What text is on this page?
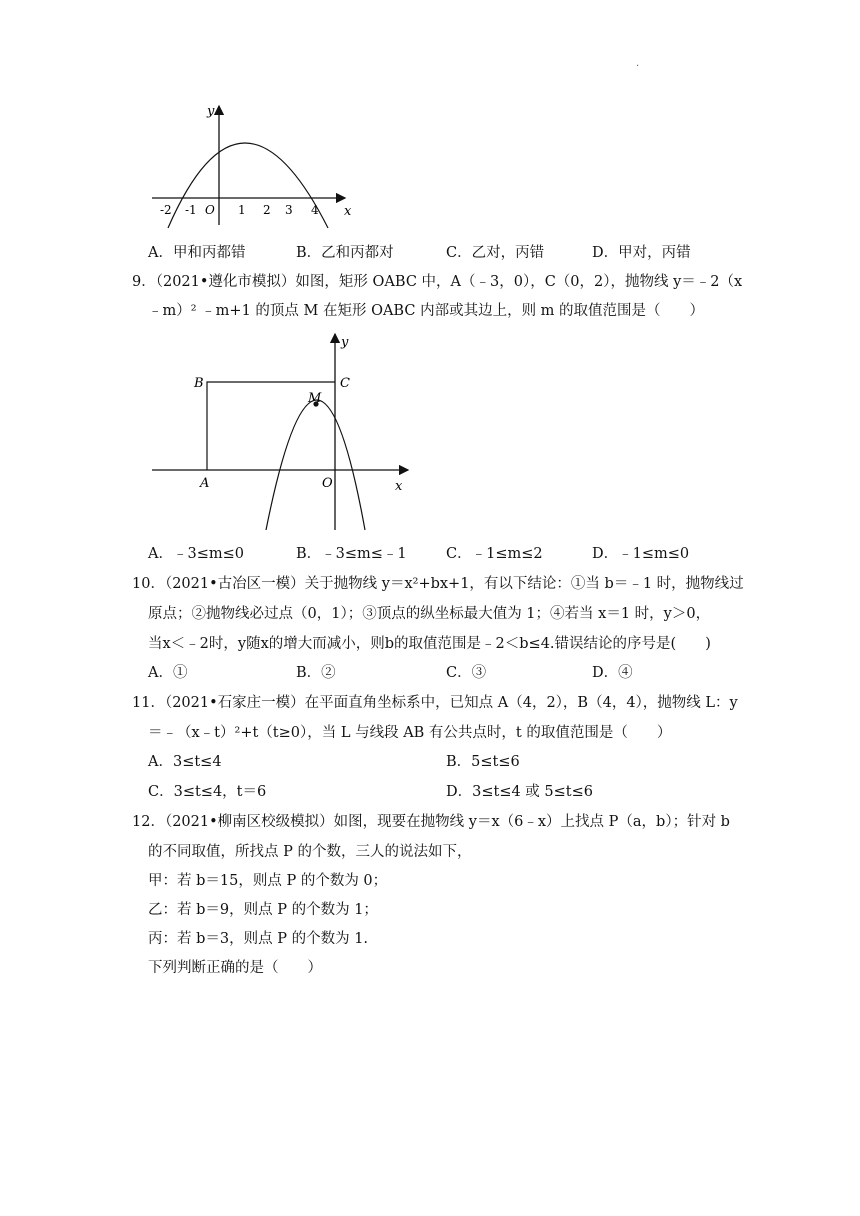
.
y
x
O
-2 -1	1 2 3 4
A．甲和丙都错	B．乙和丙都对	C．乙对，丙错	D．甲对，丙错
9．（2021•遵化市模拟）如图，矩形 OABC 中，A（﹣3，0），C（0，2），抛物线 y＝﹣2（x
﹣m）² ﹣m+1 的顶点 M 在矩形 OABC 内部或其边上，则 m 的取值范围是（　　）
y
x
B	C
M
A	O
A．﹣3≤m≤0	B．﹣3≤m≤﹣1	C．﹣1≤m≤2	D．﹣1≤m≤0
10．（2021•古冶区一模）关于抛物线 y＝x²+bx+1，有以下结论：①当 b＝﹣1 时，抛物线过
原点；②抛物线必过点（0，1）；③顶点的纵坐标最大值为 1；④若当 x＝1 时，y＞0，
当x＜﹣2时，y随x的增大而减小，则b的取值范围是﹣2＜b≤4.错误结论的序号是(　　)
A．①	B．②	C．③	D．④
11．（2021•石家庄一模）在平面直角坐标系中，已知点 A（4，2），B（4，4），抛物线 L：y
＝﹣（x﹣t）²+t（t≥0），当 L 与线段 AB 有公共点时，t 的取值范围是（　　）
A．3≤t≤4	B．5≤t≤6
C．3≤t≤4，t＝6	D．3≤t≤4 或 5≤t≤6
12．（2021•柳南区校级模拟）如图，现要在抛物线 y＝x（6﹣x）上找点 P（a，b）；针对 b
的不同取值，所找点 P 的个数，三人的说法如下，
甲：若 b＝15，则点 P 的个数为 0；
乙：若 b＝9，则点 P 的个数为 1；
丙：若 b＝3，则点 P 的个数为 1.
下列判断正确的是（　　）
